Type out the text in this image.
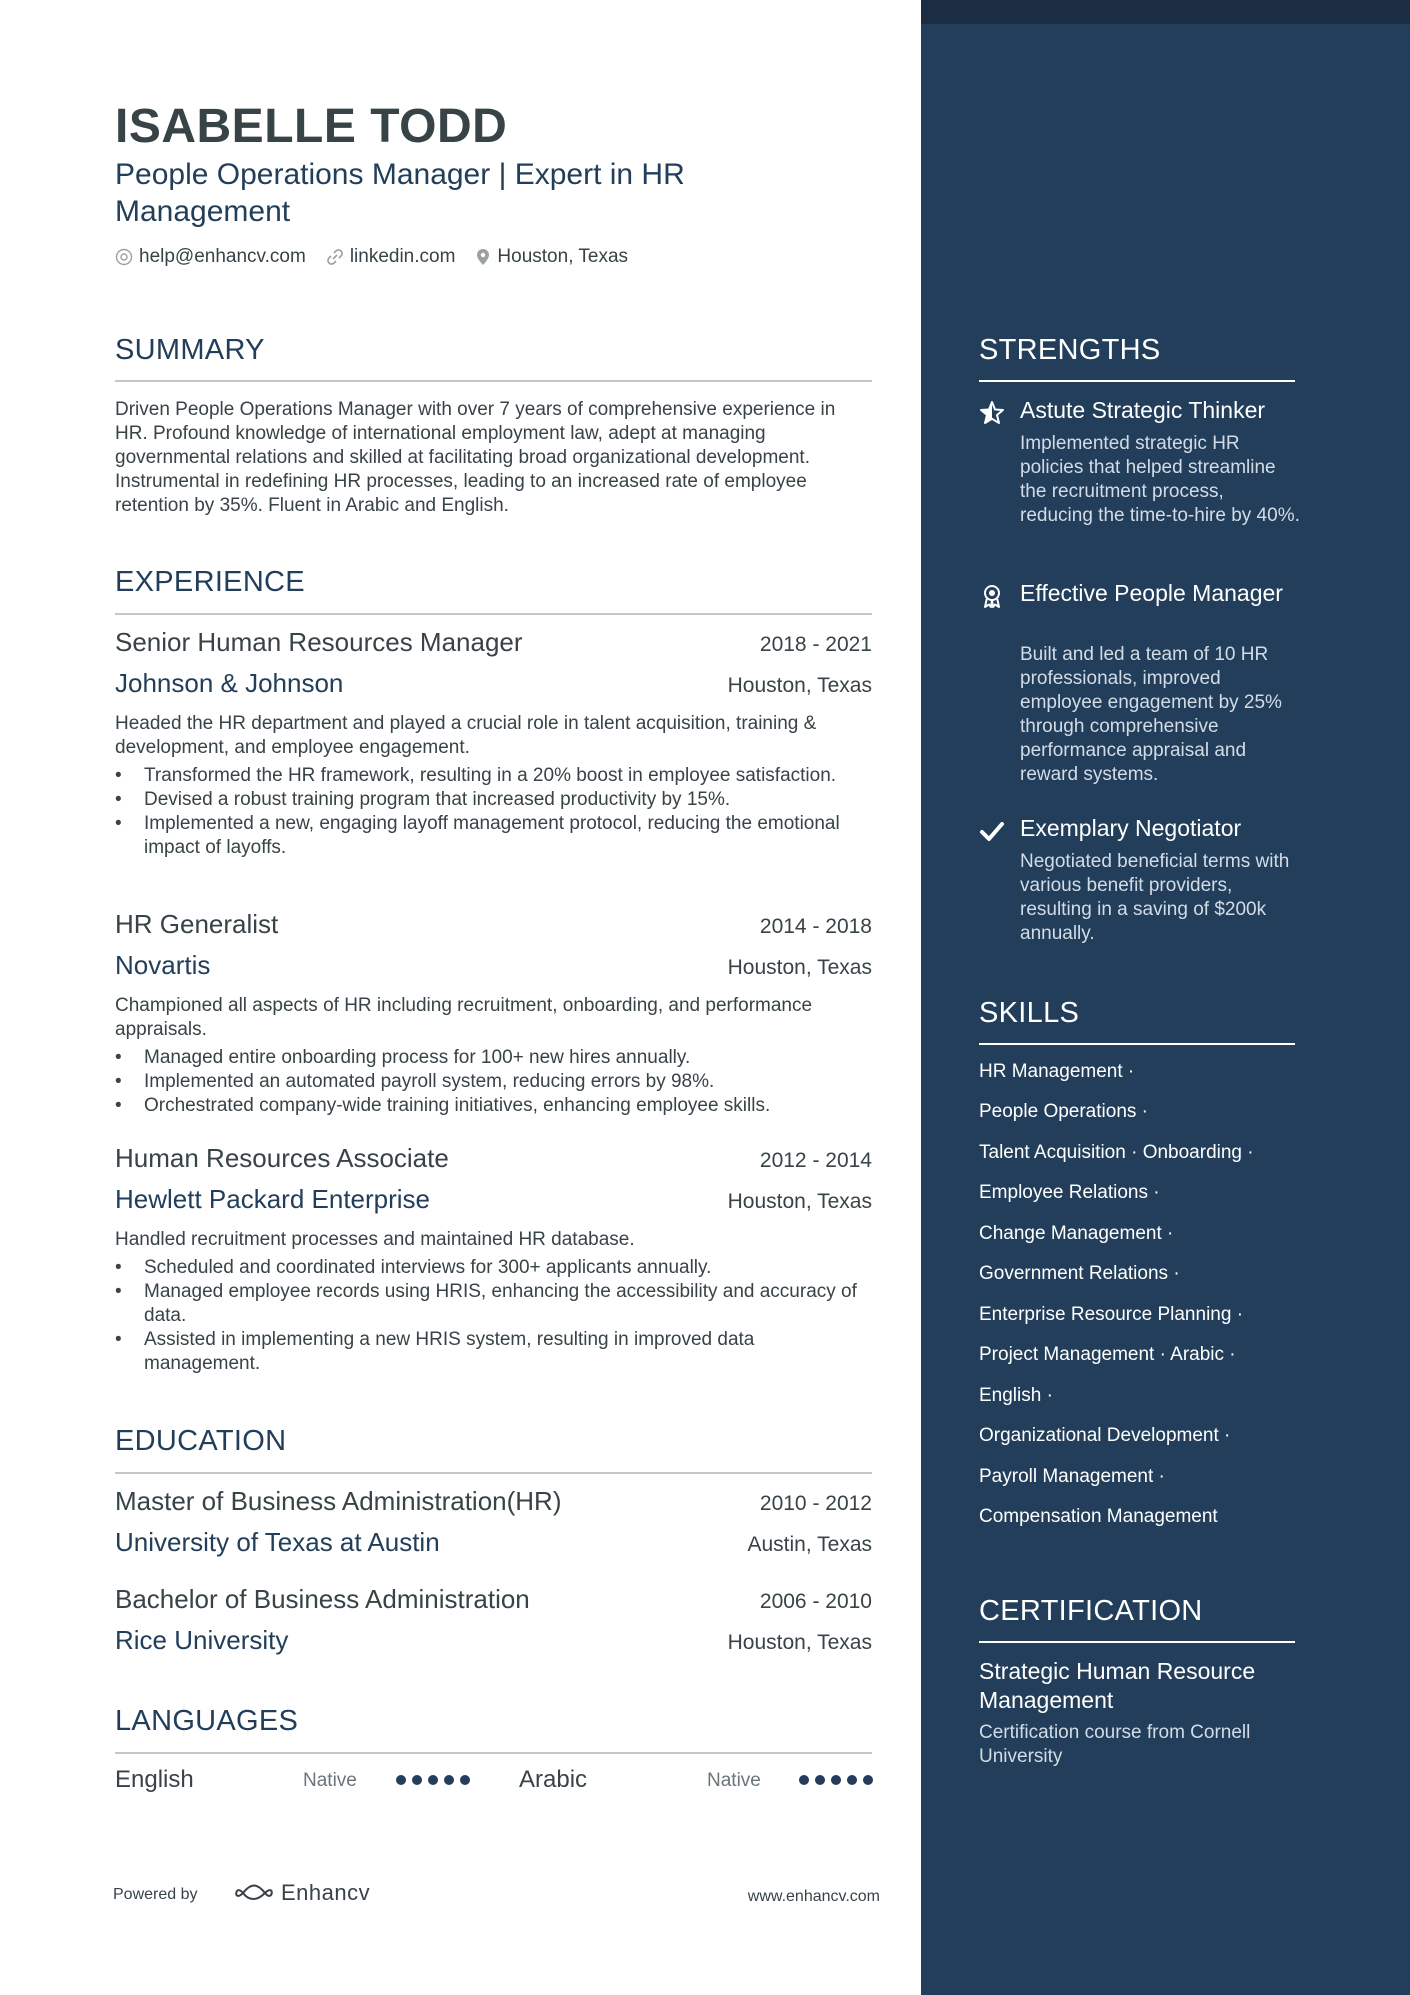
ISABELLE TODD
People Operations Manager | Expert in HR Management
help@enhancv.com linkedin.com Houston, Texas
SUMMARY
Driven People Operations Manager with over 7 years of comprehensive experience in HR. Profound knowledge of international employment law, adept at managing governmental relations and skilled at facilitating broad organizational development. Instrumental in redefining HR processes, leading to an increased rate of employee retention by 35%. Fluent in Arabic and English.
EXPERIENCE
Senior Human Resources Manager	2018 - 2021
Johnson & Johnson	Houston, Texas
Headed the HR department and played a crucial role in talent acquisition, training & development, and employee engagement.
• Transformed the HR framework, resulting in a 20% boost in employee satisfaction.
• Devised a robust training program that increased productivity by 15%.
• Implemented a new, engaging layoff management protocol, reducing the emotional impact of layoffs.
HR Generalist	2014 - 2018
Novartis	Houston, Texas
Championed all aspects of HR including recruitment, onboarding, and performance appraisals.
• Managed entire onboarding process for 100+ new hires annually.
• Implemented an automated payroll system, reducing errors by 98%.
• Orchestrated company-wide training initiatives, enhancing employee skills.
Human Resources Associate	2012 - 2014
Hewlett Packard Enterprise	Houston, Texas
Handled recruitment processes and maintained HR database.
• Scheduled and coordinated interviews for 300+ applicants annually.
• Managed employee records using HRIS, enhancing the accessibility and accuracy of data.
• Assisted in implementing a new HRIS system, resulting in improved data management.
EDUCATION
Master of Business Administration(HR)	2010 - 2012
University of Texas at Austin	Austin, Texas
Bachelor of Business Administration	2006 - 2010
Rice University	Houston, Texas
LANGUAGES
English	Native	Arabic	Native
Powered by	Enhancv	www.enhancv.com
STRENGTHS
Astute Strategic Thinker
Implemented strategic HR policies that helped streamline the recruitment process, reducing the time-to-hire by 40%.
Effective People Manager
Built and led a team of 10 HR professionals, improved employee engagement by 25% through comprehensive performance appraisal and reward systems.
Exemplary Negotiator
Negotiated beneficial terms with various benefit providers, resulting in a saving of $200k annually.
SKILLS
HR Management ·
People Operations ·
Talent Acquisition · Onboarding ·
Employee Relations ·
Change Management ·
Government Relations ·
Enterprise Resource Planning ·
Project Management · Arabic ·
English ·
Organizational Development ·
Payroll Management ·
Compensation Management
CERTIFICATION
Strategic Human Resource Management
Certification course from Cornell University
